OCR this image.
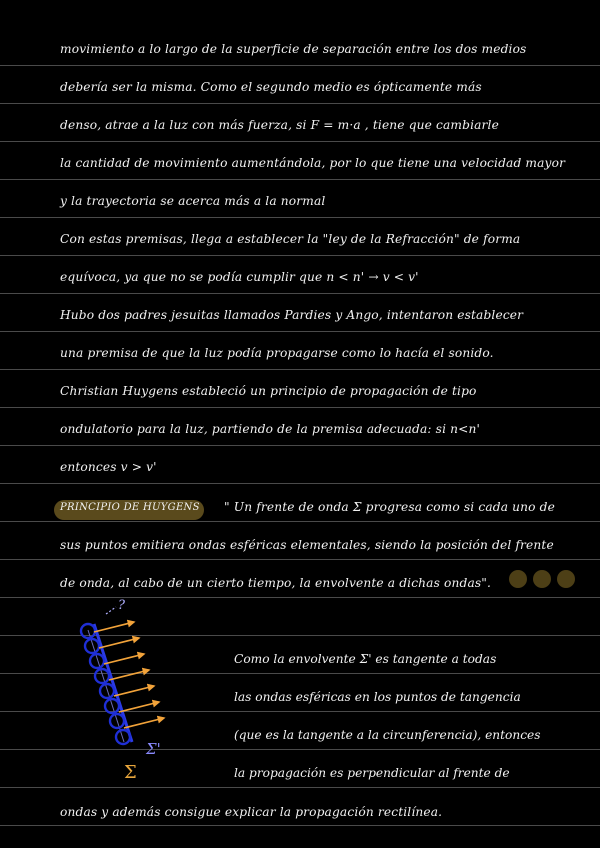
movimiento a lo largo de la superficie de separación entre los dos medios
debería ser la misma. Como el segundo medio es ópticamente más
denso, atrae a la luz con más fuerza, si F = m·a , tiene que cambiarle
la cantidad de movimiento aumentándola, por lo que tiene una velocidad mayor
y la trayectoria se acerca más a la normal
Con estas premisas, llega a establecer la "ley de la Refracción" de forma
equívoca, ya que no se podía cumplir que n < n' → v < v'
Hubo dos padres jesuitas llamados Pardies y Ango, intentaron establecer
una premisa de que la luz podía propagarse como lo hacía el sonido.
Christian Huygens estableció un principio de propagación de tipo
ondulatorio para la luz, partiendo de la premisa adecuada: si n<n'
entonces v > v'
PRINCIPIO DE HUYGENS " Un frente de onda Σ progresa como si cada uno de
sus puntos emitiera ondas esféricas elementales, siendo la posición del frente
de onda, al cabo de un cierto tiempo, la envolvente a dichas ondas".
?
Σ'
Σ
Como la envolvente Σ' es tangente a todas
las ondas esféricas en los puntos de tangencia
(que es la tangente a la circunferencia), entonces
la propagación es perpendicular al frente de
ondas y además consigue explicar la propagación rectilínea.
